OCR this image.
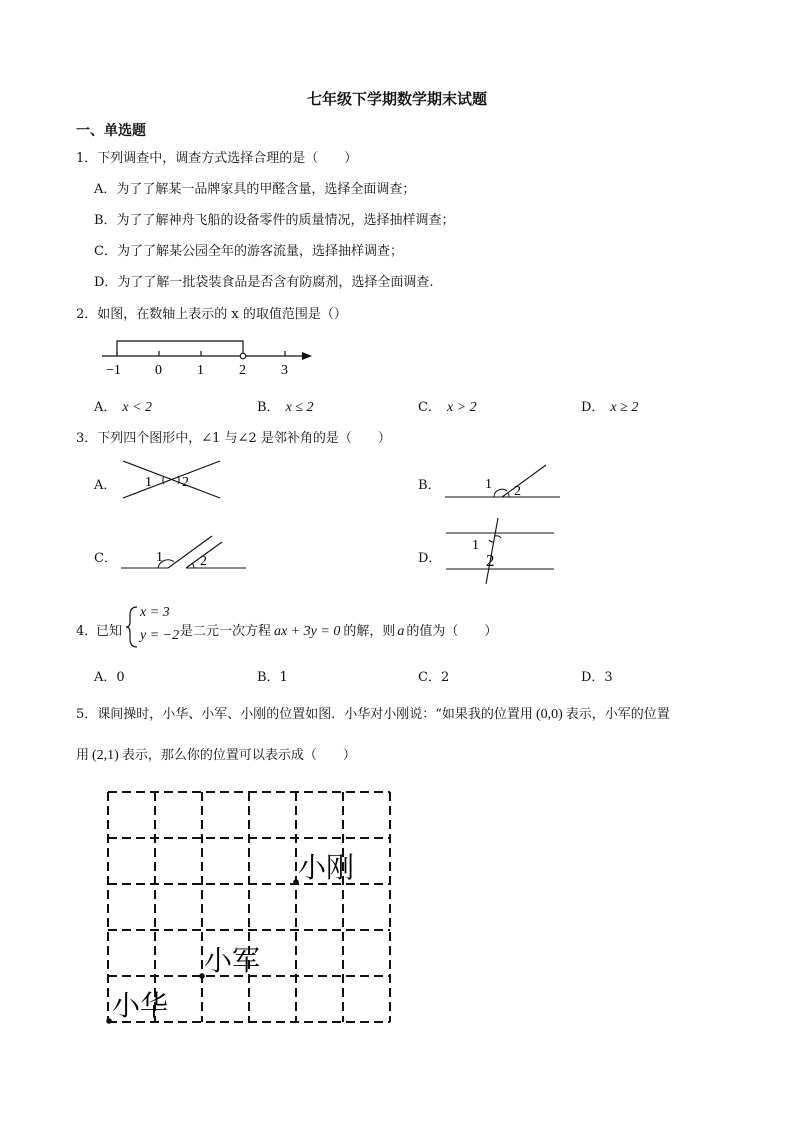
七年级下学期数学期末试题
一、单选题
1．下列调查中，调查方式选择合理的是（　　）
A．为了了解某一品牌家具的甲醛含量，选择全面调查；
B．为了了解神舟飞船的设备零件的质量情况，选择抽样调查；
C．为了了解某公园全年的游客流量，选择抽样调查；
D．为了了解一批袋装食品是否含有防腐剂，选择全面调查.
2．如图，在数轴上表示的 x 的取值范围是（）
−1 0	1	2	3
A． x < 2	B． x ≤ 2	C． x > 2	D． x ≥ 2
3．下列四个图形中，∠1 与∠2 是邻补角的是（　　）
A． 1 2	B．	1 2
C．	1	2	D．
1
2
4．
已知
x = 3
y = −2 是二元一次方程 ax + 3y = 0 的解，则 a 的值为（　　）
A．0	B．1	C．2	D．3
5．课间操时，小华、小军、小刚的位置如图．小华对小刚说：“如果我的位置用 (0,0) 表示，小军的位置
用 (2,1) 表示，那么你的位置可以表示成（　　）
小刚
小军
小华
